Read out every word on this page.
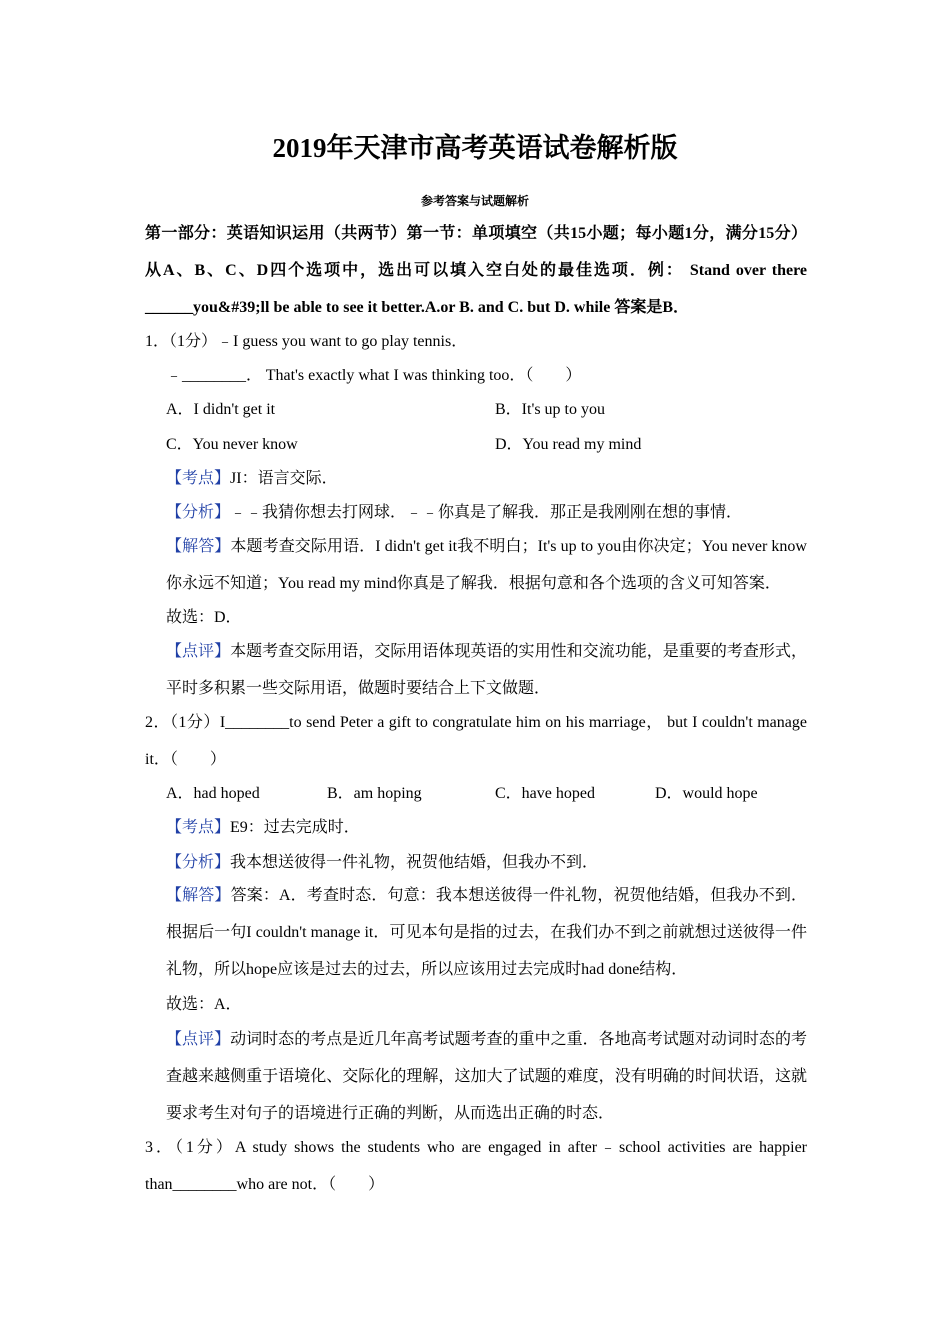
2019年天津市高考英语试卷解析版
参考答案与试题解析
第一部分：英语知识运用（共两节）第一节：单项填空（共15小题；每小题1分，满分15分）从A、B、C、D四个选项中，选出可以填入空白处的最佳选项．例： Stand over there ______you&#39;ll be able to see it better.A.or B. and C. but D. while 答案是B．
1．（1分）﹣I guess you want to go play tennis．
﹣________． That's exactly what I was thinking too．（　　）
A．I didn't get it	B．It's up to you
C．You never know	D．You read my mind
【考点】JI：语言交际．
【分析】﹣﹣我猜你想去打网球．﹣﹣你真是了解我．那正是我刚刚在想的事情．
【解答】本题考查交际用语．I didn't get it我不明白；It's up to you由你决定；You never know你永远不知道；You read my mind你真是了解我．根据句意和各个选项的含义可知答案．
故选：D．
【点评】本题考查交际用语，交际用语体现英语的实用性和交流功能，是重要的考查形式，平时多积累一些交际用语，做题时要结合上下文做题．
2．（1分）I________to send Peter a gift to congratulate him on his marriage， but I couldn't manage it．（　　）
A．had hoped	B．am hoping	C．have hoped	D．would hope
【考点】E9：过去完成时．
【分析】我本想送彼得一件礼物，祝贺他结婚，但我办不到．
【解答】答案：A．考查时态．句意：我本想送彼得一件礼物，祝贺他结婚，但我办不到．根据后一句I couldn't manage it．可见本句是指的过去，在我们办不到之前就想过送彼得一件礼物，所以hope应该是过去的过去，所以应该用过去完成时had done结构．
故选：A．
【点评】动词时态的考点是近几年高考试题考查的重中之重．各地高考试题对动词时态的考查越来越侧重于语境化、交际化的理解，这加大了试题的难度，没有明确的时间状语，这就要求考生对句子的语境进行正确的判断，从而选出正确的时态．
3．（1分）A study shows the students who are engaged in after﹣school activities are happier than________who are not．（　　）
